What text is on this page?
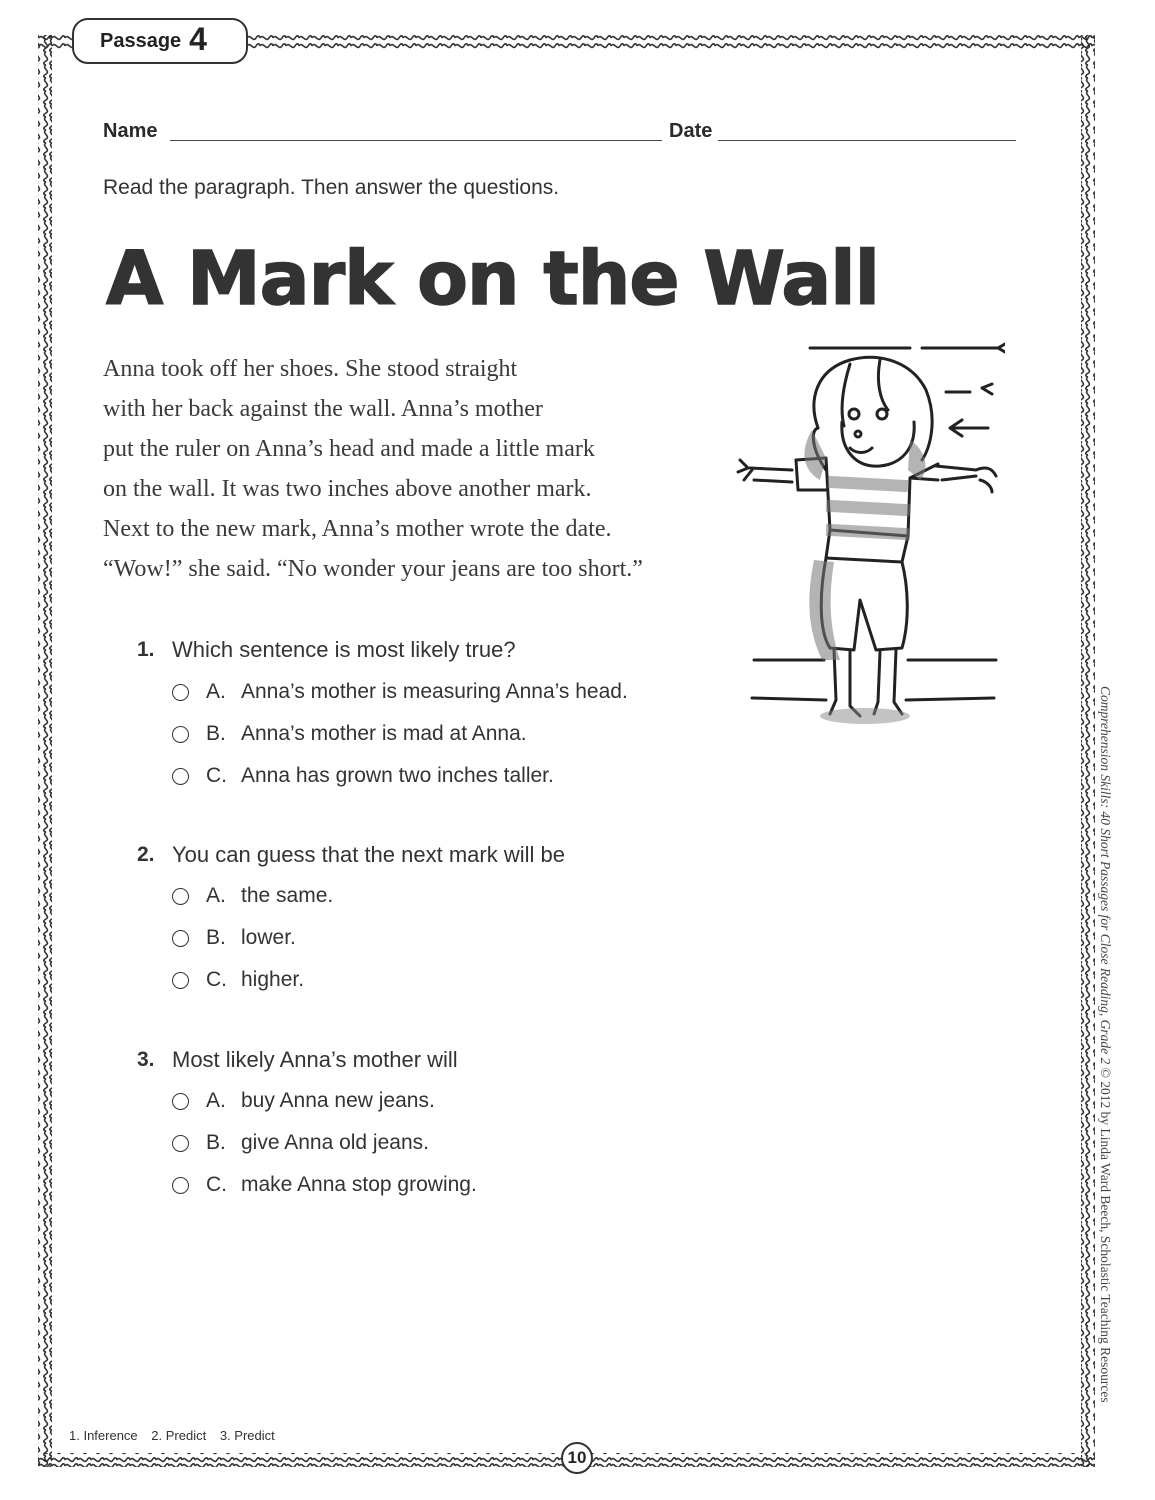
Passage 4
Name	Date
Read the paragraph. Then answer the questions.
A Mark on the Wall
Anna took off her shoes. She stood straight
with her back against the wall. Anna’s mother
put the ruler on Anna’s head and made a little mark
on the wall. It was two inches above another mark.
Next to the new mark, Anna’s mother wrote the date.
“Wow!” she said. “No wonder your jeans are too short.”
1. Which sentence is most likely true?
A. Anna’s mother is measuring Anna’s head.
B. Anna’s mother is mad at Anna.
C. Anna has grown two inches taller.
2. You can guess that the next mark will be
A. the same.
B. lower.
C. higher.
3. Most likely Anna’s mother will
A. buy Anna new jeans.
B. give Anna old jeans.
C. make Anna stop growing.
1. Inference 2. Predict 3. Predict
10
Comprehension Skills: 40 Short Passages for Close Reading, Grade 2 © 2012 by Linda Ward Beech, Scholastic Teaching Resources
